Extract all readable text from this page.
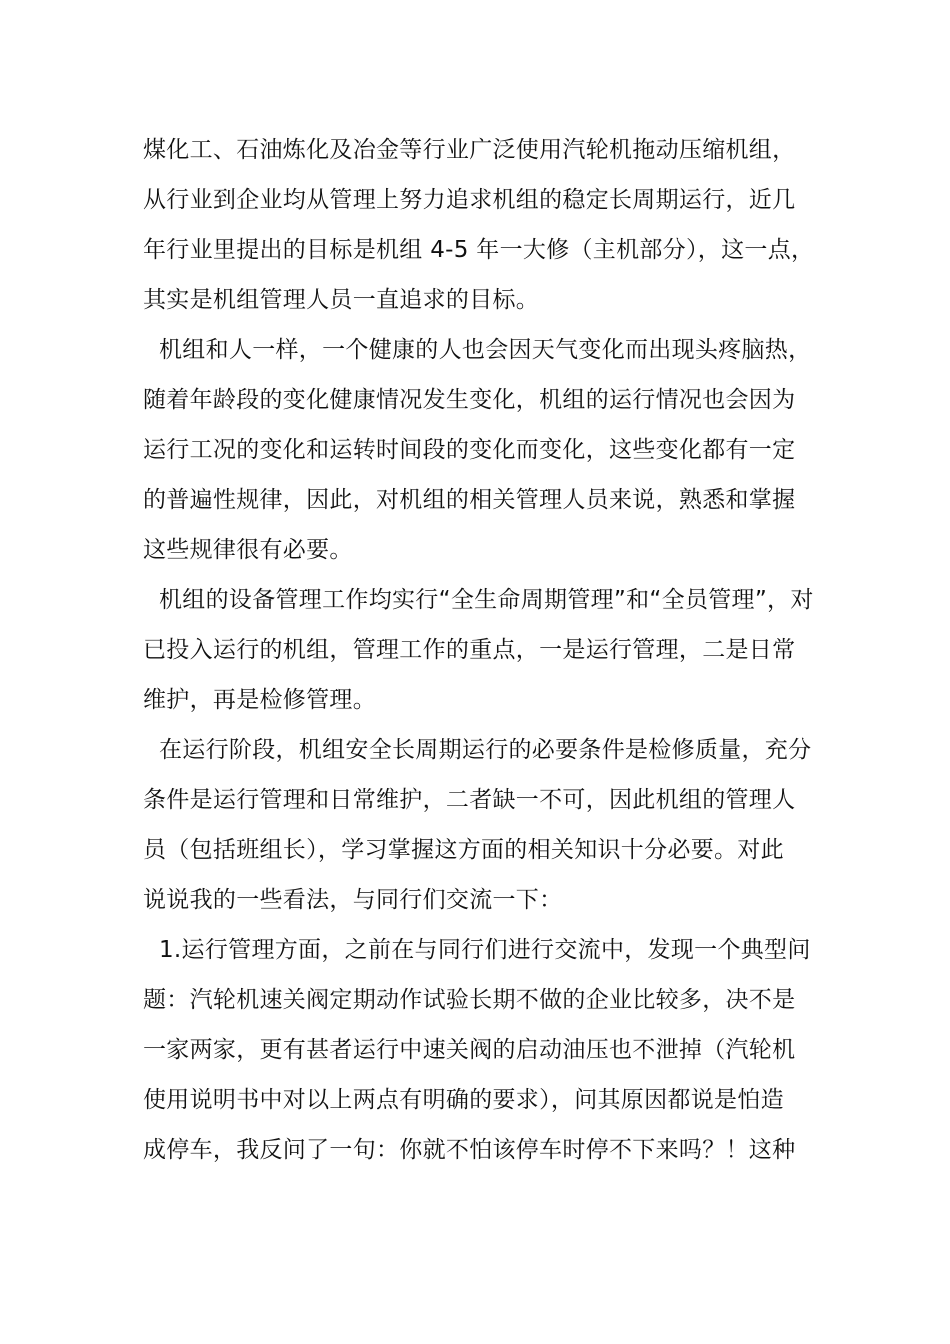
煤化工、石油炼化及冶金等行业广泛使用汽轮机拖动压缩机组，
从行业到企业均从管理上努力追求机组的稳定长周期运行，近几
年行业里提出的目标是机组 4-5 年一大修（主机部分），这一点，
其实是机组管理人员一直追求的目标。
机组和人一样，一个健康的人也会因天气变化而出现头疼脑热，
随着年龄段的变化健康情况发生变化，机组的运行情况也会因为
运行工况的变化和运转时间段的变化而变化，这些变化都有一定
的普遍性规律，因此，对机组的相关管理人员来说，熟悉和掌握
这些规律很有必要。
机组的设备管理工作均实行“全生命周期管理”和“全员管理”，对
已投入运行的机组，管理工作的重点，一是运行管理，二是日常
维护，再是检修管理。
在运行阶段，机组安全长周期运行的必要条件是检修质量，充分
条件是运行管理和日常维护，二者缺一不可，因此机组的管理人
员（包括班组长），学习掌握这方面的相关知识十分必要。对此
说说我的一些看法，与同行们交流一下：
1.运行管理方面，之前在与同行们进行交流中，发现一个典型问
题：汽轮机速关阀定期动作试验长期不做的企业比较多，决不是
一家两家，更有甚者运行中速关阀的启动油压也不泄掉（汽轮机
使用说明书中对以上两点有明确的要求），问其原因都说是怕造
成停车，我反问了一句：你就不怕该停车时停不下来吗？！这种
